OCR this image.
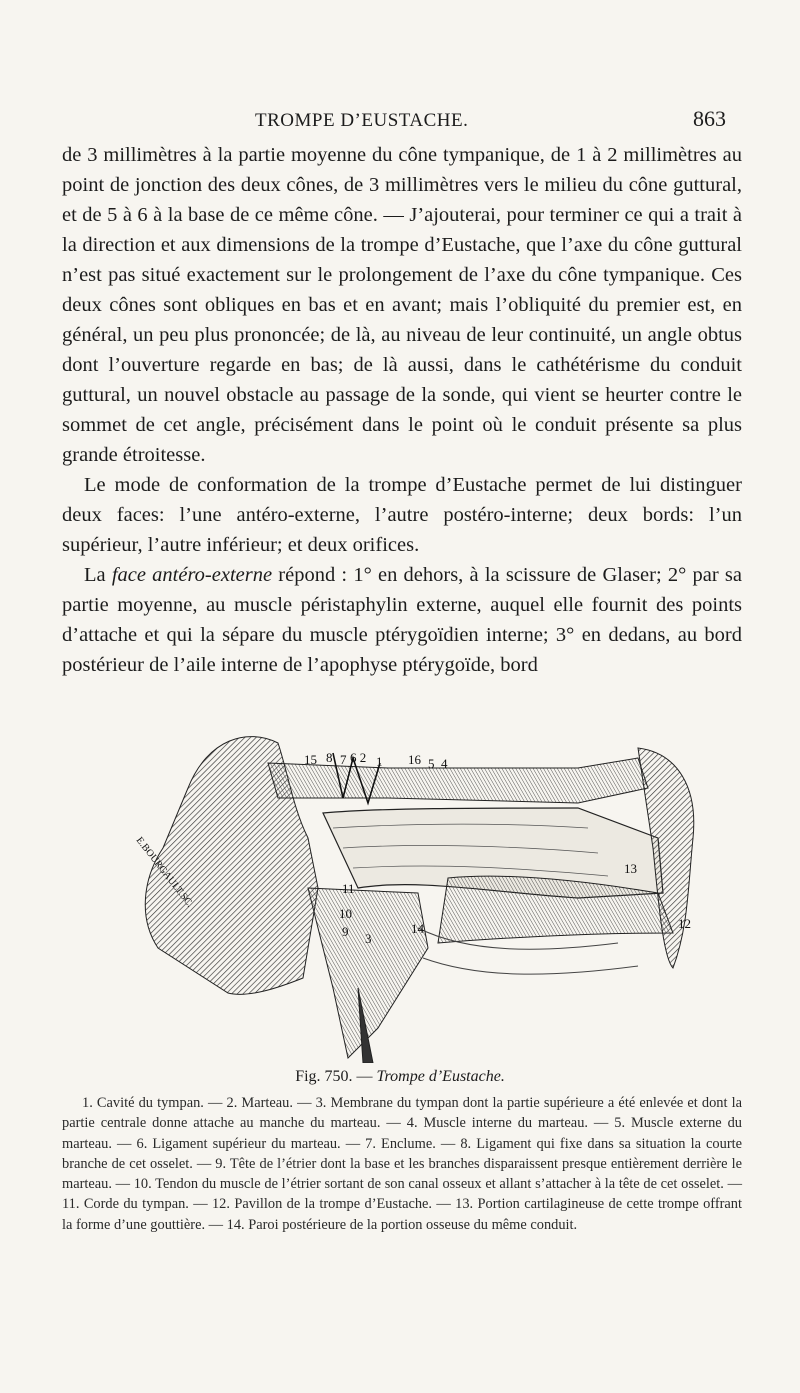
TROMPE D’EUSTACHE.	863

de 3 millimètres à la partie moyenne du cône tympanique, de 1 à 2 millimètres au point de jonction des deux cônes, de 3 millimètres vers le milieu du cône guttural, et de 5 à 6 à la base de ce même cône. — J’ajouterai, pour terminer ce qui a trait à la direction et aux dimensions de la trompe d’Eustache, que l’axe du cône guttural n’est pas situé exactement sur le prolongement de l’axe du cône tympanique. Ces deux cônes sont obliques en bas et en avant; mais l’obliquité du premier est, en général, un peu plus prononcée; de là, au niveau de leur continuité, un angle obtus dont l’ouverture regarde en bas; de là aussi, dans le cathétérisme du conduit guttural, un nouvel obstacle au passage de la sonde, qui vient se heurter contre le sommet de cet angle, précisément dans le point où le conduit présente sa plus grande étroitesse.

Le mode de conformation de la trompe d’Eustache permet de lui distinguer deux faces: l’une antéro-externe, l’autre postéro-interne; deux bords: l’un supérieur, l’autre inférieur; et deux orifices.

La face antéro-externe répond : 1° en dehors, à la scissure de Glaser; 2° par sa partie moyenne, au muscle péristaphylin externe, auquel elle fournit des points d’attache et qui la sépare du muscle ptérygoïdien interne; 3° en dedans, au bord postérieur de l’aile interne de l’apophyse ptérygoïde, bord

15 8 7 6 2 1 16 5 4
13
12
11
10
9 3
14
E.BOURGAULT.SC.
Fig. 750. — Trompe d’Eustache.

1. Cavité du tympan. — 2. Marteau. — 3. Membrane du tympan dont la partie supérieure a été enlevée et dont la partie centrale donne attache au manche du marteau. — 4. Muscle interne du marteau. — 5. Muscle externe du marteau. — 6. Ligament supérieur du marteau. — 7. Enclume. — 8. Ligament qui fixe dans sa situation la courte branche de cet osselet. — 9. Tête de l’étrier dont la base et les branches disparaissent presque entièrement derrière le marteau. — 10. Tendon du muscle de l’étrier sortant de son canal osseux et allant s’attacher à la tête de cet osselet. — 11. Corde du tympan. — 12. Pavillon de la trompe d’Eustache. — 13. Portion cartilagineuse de cette trompe offrant la forme d’une gouttière. — 14. Paroi postérieure de la portion osseuse du même conduit.
